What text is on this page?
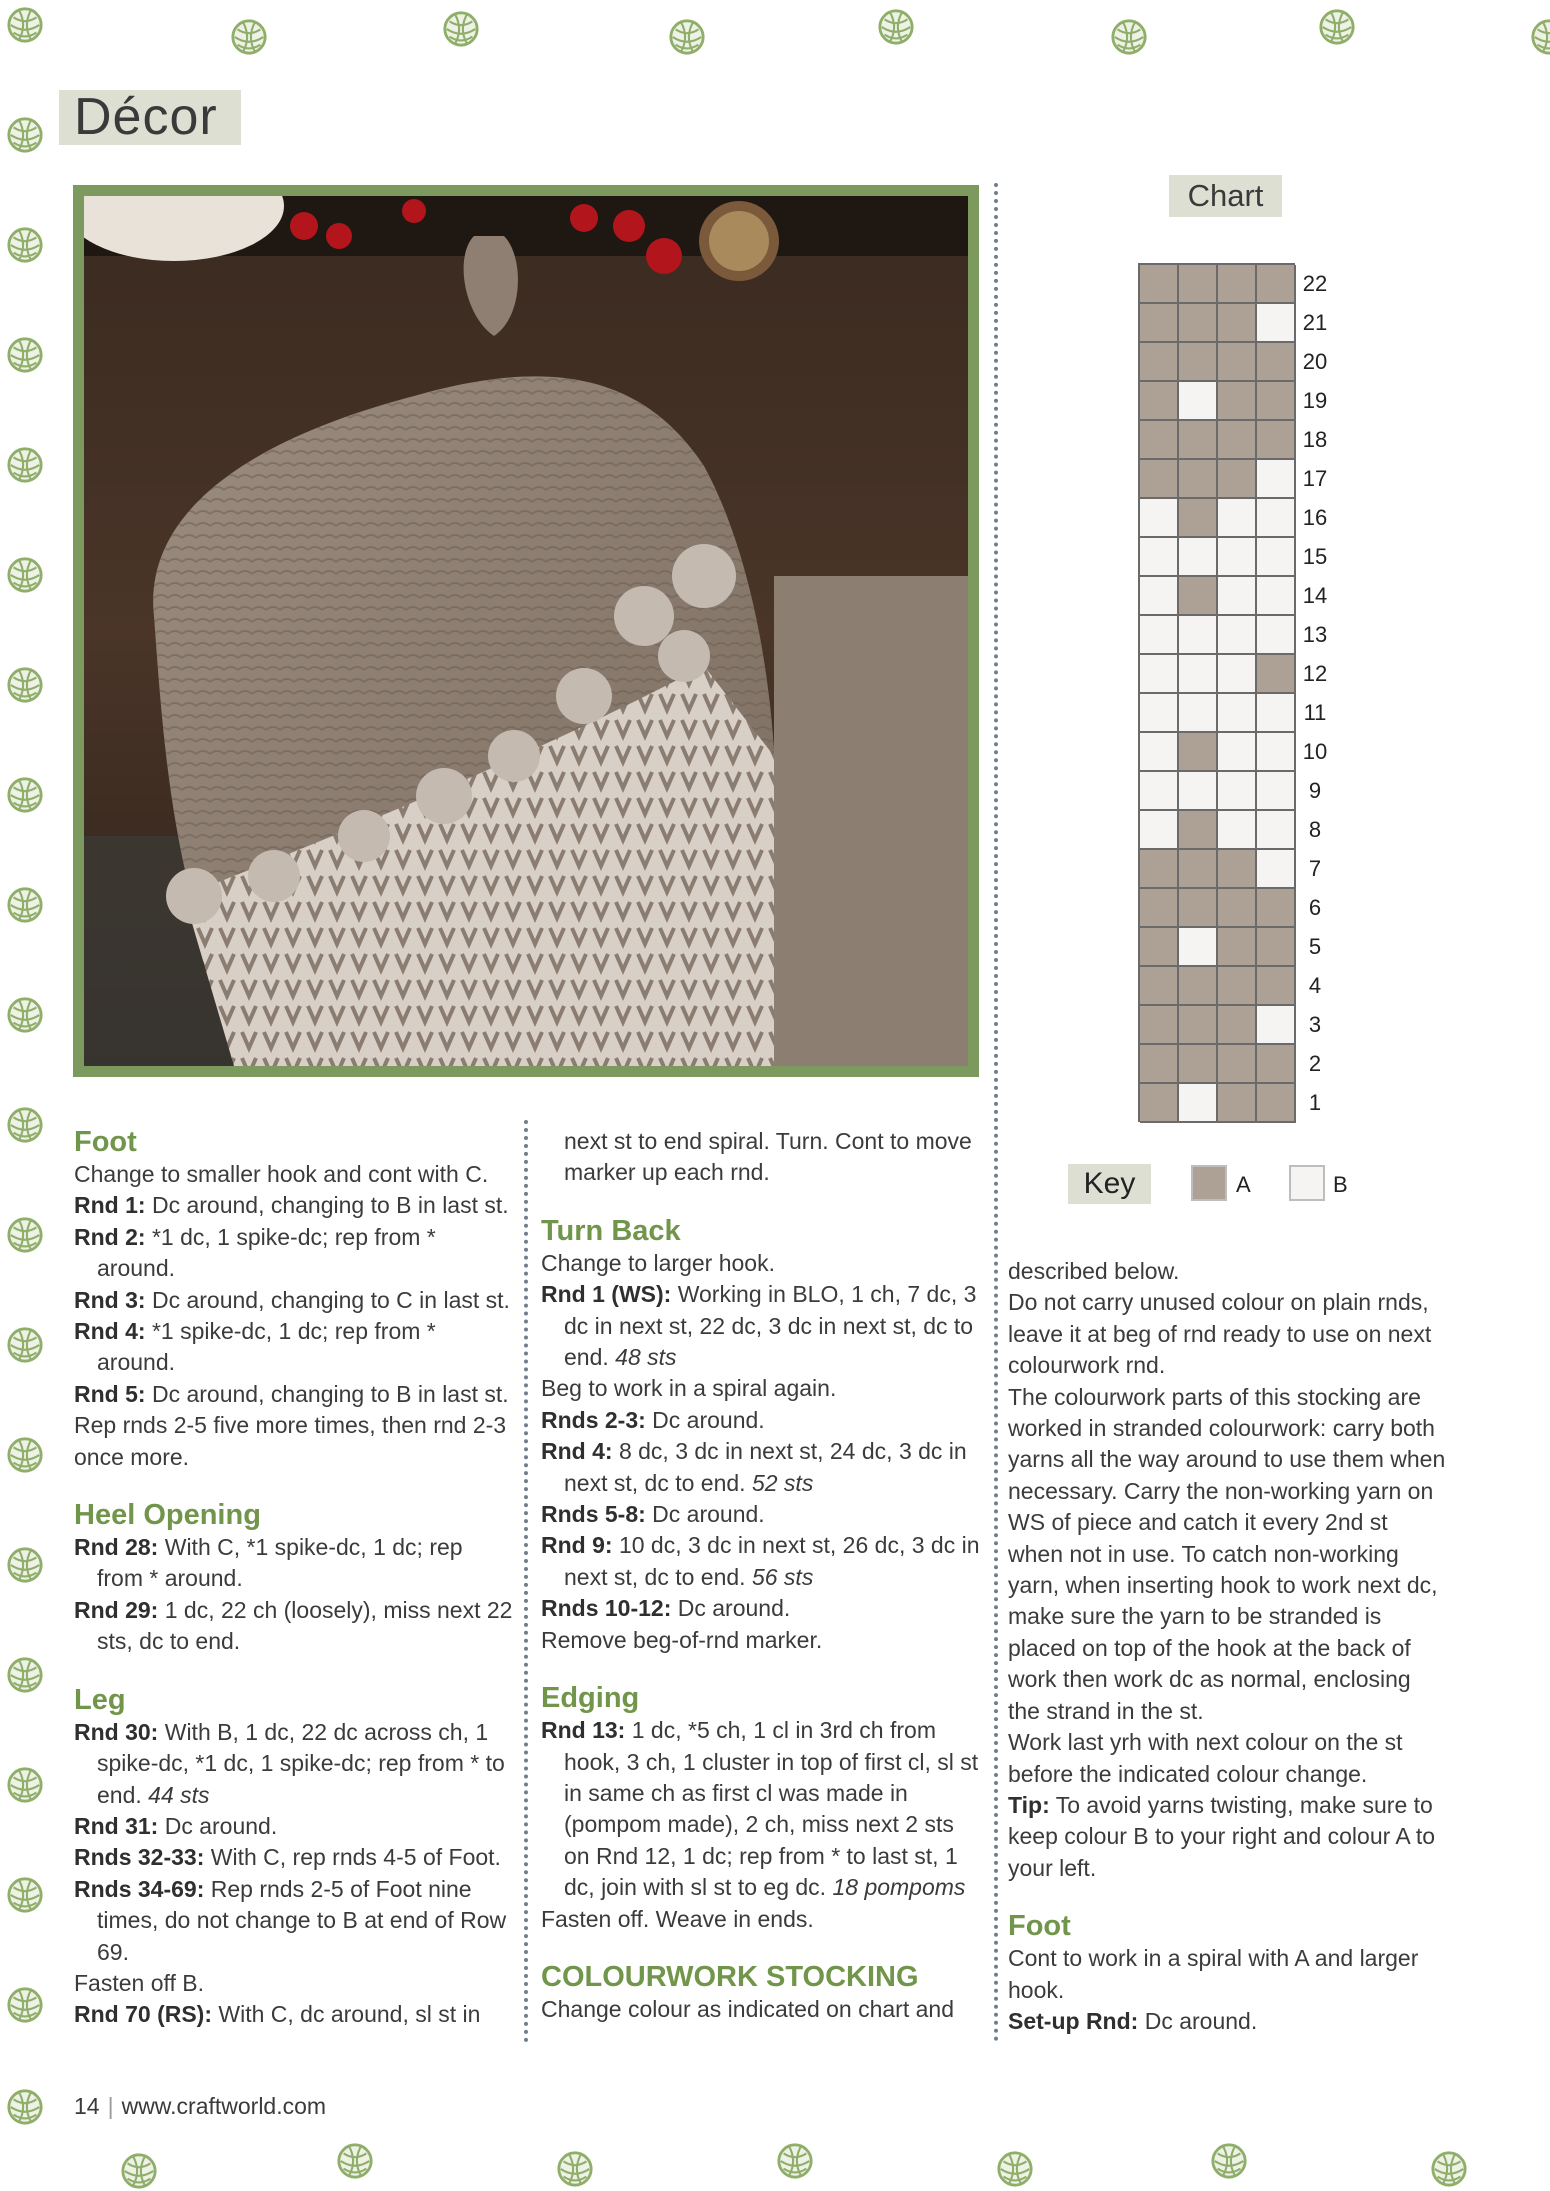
Décor
Chart
22
21
20
19
18
17
16
15
14
13
12
11
10
9
8
7
6
5
4
3
2
1
Key	A	B
Foot

Change to smaller hook and cont with C.

Rnd 1: Dc around, changing to B in last st.

Rnd 2: *1 dc, 1 spike-dc; rep from * around.

Rnd 3: Dc around, changing to C in last st.

Rnd 4: *1 spike-dc, 1 dc; rep from * around.

Rnd 5: Dc around, changing to B in last st.

Rep rnds 2-5 five more times, then rnd 2-3 once more.

Heel Opening

Rnd 28: With C, *1 spike-dc, 1 dc; rep from * around.

Rnd 29: 1 dc, 22 ch (loosely), miss next 22 sts, dc to end.

Leg

Rnd 30: With B, 1 dc, 22 dc across ch, 1 spike-dc, *1 dc, 1 spike-dc; rep from * to end. 44 sts

Rnd 31: Dc around.

Rnds 32-33: With C, rep rnds 4-5 of Foot.

Rnds 34-69: Rep rnds 2-5 of Foot nine times, do not change to B at end of Row 69.

Fasten off B.

Rnd 70 (RS): With C, dc around, sl st in

next st to end spiral. Turn. Cont to move marker up each rnd.

Turn Back

Change to larger hook.

Rnd 1 (WS): Working in BLO, 1 ch, 7 dc, 3 dc in next st, 22 dc, 3 dc in next st, dc to end. 48 sts

Beg to work in a spiral again.

Rnds 2-3: Dc around.

Rnd 4: 8 dc, 3 dc in next st, 24 dc, 3 dc in next st, dc to end. 52 sts

Rnds 5-8: Dc around.

Rnd 9: 10 dc, 3 dc in next st, 26 dc, 3 dc in next st, dc to end. 56 sts

Rnds 10-12: Dc around.

Remove beg-of-rnd marker.

Edging

Rnd 13: 1 dc, *5 ch, 1 cl in 3rd ch from hook, 3 ch, 1 cluster in top of first cl, sl st in same ch as first cl was made in (pompom made), 2 ch, miss next 2 sts on Rnd 12, 1 dc; rep from * to last st, 1 dc, join with sl st to eg dc. 18 pompoms

Fasten off. Weave in ends.

COLOURWORK STOCKING

Change colour as indicated on chart and

described below.

Do not carry unused colour on plain rnds, leave it at beg of rnd ready to use on next colourwork rnd.

The colourwork parts of this stocking are worked in stranded colourwork: carry both yarns all the way around to use them when necessary. Carry the non-working yarn on WS of piece and catch it every 2nd st when not in use. To catch non-working yarn, when inserting hook to work next dc, make sure the yarn to be stranded is placed on top of the hook at the back of work then work dc as normal, enclosing the strand in the st.

Work last yrh with next colour on the st before the indicated colour change.

Tip: To avoid yarns twisting, make sure to keep colour B to your right and colour A to your left.

Foot

Cont to work in a spiral with A and larger hook.

Set-up Rnd: Dc around.

14 | www.craftworld.com
